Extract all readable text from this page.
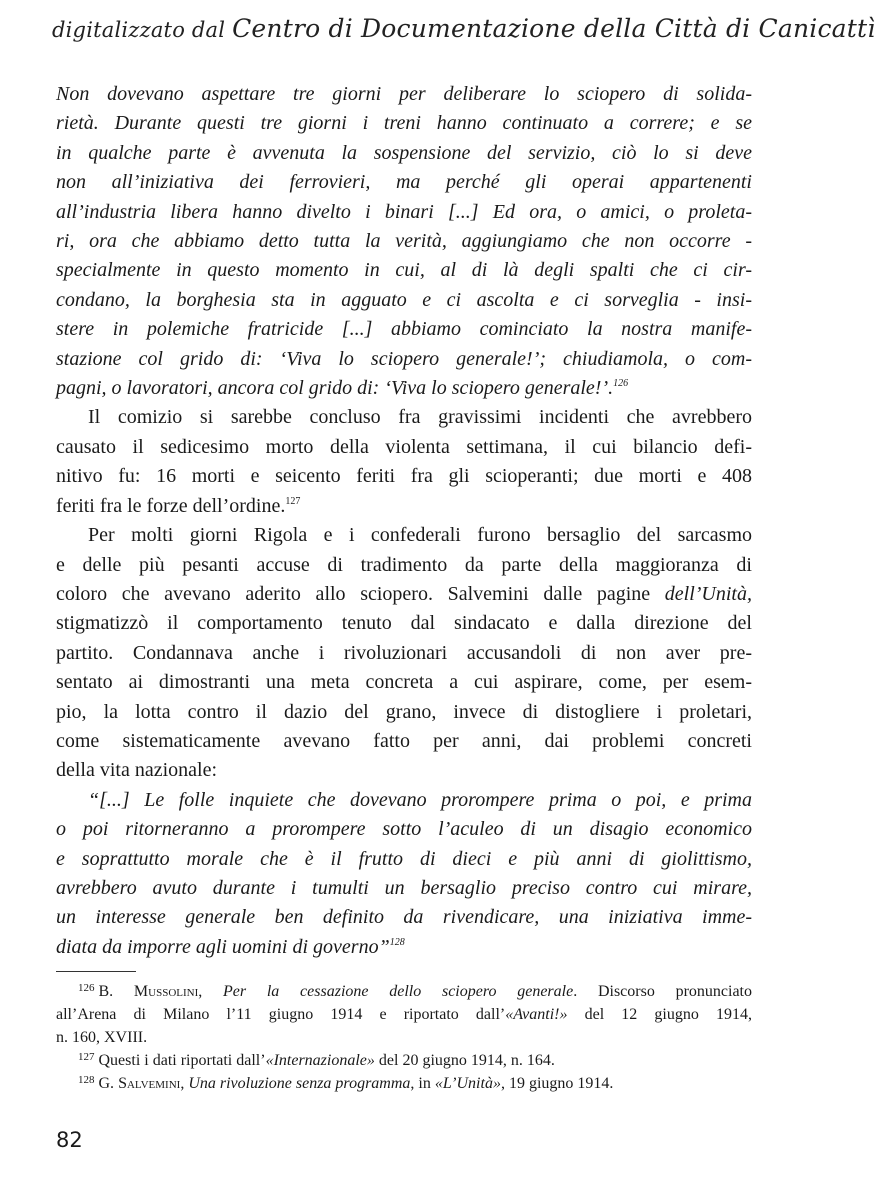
digitalizzato dal Centro di Documentazione della Città di Canicattì
Non dovevano aspettare tre giorni per deliberare lo sciopero di solida-
rietà. Durante questi tre giorni i treni hanno continuato a correre; e se
in qualche parte è avvenuta la sospensione del servizio, ciò lo si deve
non all’iniziativa dei ferrovieri, ma perché gli operai appartenenti
all’industria libera hanno divelto i binari [...] Ed ora, o amici, o proleta-
ri, ora che abbiamo detto tutta la verità, aggiungiamo che non occorre -
specialmente in questo momento in cui, al di là degli spalti che ci cir-
condano, la borghesia sta in agguato e ci ascolta e ci sorveglia - insi-
stere in polemiche fratricide [...] abbiamo cominciato la nostra manife-
stazione col grido di: ‘Viva lo sciopero generale!’; chiudiamola, o com-
pagni, o lavoratori, ancora col grido di: ‘Viva lo sciopero generale!’.$^{126}$
Il comizio si sarebbe concluso fra gravissimi incidenti che avrebbero
causato il sedicesimo morto della violenta settimana, il cui bilancio defi-
nitivo fu: 16 morti e seicento feriti fra gli scioperanti; due morti e 408
feriti fra le forze dell’ordine.$^{127}$
Per molti giorni Rigola e i confederali furono bersaglio del sarcasmo
e delle più pesanti accuse di tradimento da parte della maggioranza di
coloro che avevano aderito allo sciopero. Salvemini dalle pagine dell’Unità,
stigmatizzò il comportamento tenuto dal sindacato e dalla direzione del
partito. Condannava anche i rivoluzionari accusandoli di non aver pre-
sentato ai dimostranti una meta concreta a cui aspirare, come, per esem-
pio, la lotta contro il dazio del grano, invece di distogliere i proletari,
come sistematicamente avevano fatto per anni, dai problemi concreti
della vita nazionale:
“[...] Le folle inquiete che dovevano prorompere prima o poi, e prima
o poi ritorneranno a prorompere sotto l’aculeo di un disagio economico
e soprattutto morale che è il frutto di dieci e più anni di giolittismo,
avrebbero avuto durante i tumulti un bersaglio preciso contro cui mirare,
un interesse generale ben definito da rivendicare, una iniziativa imme-
diata da imporre agli uomini di governo”$^{128}$
$^{126}$ B. Mussolini, Per la cessazione dello sciopero generale. Discorso pronunciato
all’Arena di Milano l’11 giugno 1914 e riportato dall’«Avanti!» del 12 giugno 1914,
n. 160, XVIII.
$^{127}$ Questi i dati riportati dall’«Internazionale» del 20 giugno 1914, n. 164.
$^{128}$ G. Salvemini, Una rivoluzione senza programma, in «L’Unità», 19 giugno 1914.
82
